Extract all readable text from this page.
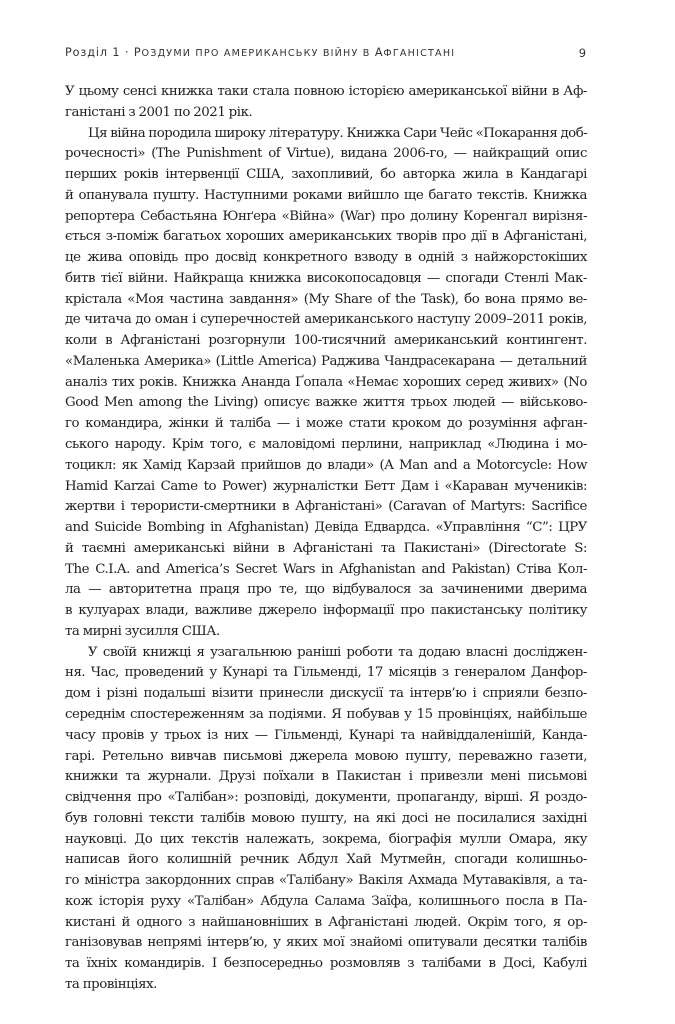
Розділ 1 · РОЗДУМИ ПРО АМЕРИКАНСЬКУ ВІЙНУ В АФГАНІСТАНІ	9
У цьому сенсі книжка таки стала повною історією американської війни в Аф-
ганістані з 2001 по 2021 рік.
Ця війна породила широку літературу. Книжка Сари Чейс «Покарання доб-
рочесності» (The Punishment of Virtue), видана 2006-го, — найкращий опис
перших років інтервенції США, захопливий, бо авторка жила в Кандагарі
й опанувала пушту. Наступними роками вийшло ще багато текстів. Книжка
репортера Себастьяна Юнґера «Війна» (War) про долину Коренгал вирізня-
ється з-поміж багатьох хороших американських творів про дії в Афганістані,
це жива оповідь про досвід конкретного взводу в одній з найжорстокіших
битв тієї війни. Найкраща книжка високопосадовця — спогади Стенлі Мак-
крістала «Моя частина завдання» (My Share of the Task), бо вона прямо ве-
де читача до оман і суперечностей американського наступу 2009–2011 років,
коли в Афганістані розгорнули 100-тисячний американський контингент.
«Маленька Америка» (Little America) Раджива Чандрасекарана — детальний
аналіз тих років. Книжка Ананда Ґопала «Немає хороших серед живих» (No
Good Men among the Living) описує важке життя трьох людей — військово-
го командира, жінки й таліба — і може стати кроком до розуміння афган-
ського народу. Крім того, є маловідомі перлини, наприклад «Людина і мо-
тоцикл: як Хамід Карзай прийшов до влади» (A Man and a Motorcycle: How
Hamid Karzai Came to Power) журналістки Бетт Дам і «Караван мучеників:
жертви і терористи-смертники в Афганістані» (Caravan of Martyrs: Sacrifice
and Suicide Bombing in Afghanistan) Девіда Едвардса. «Управління “С”: ЦРУ
й таємні американські війни в Афганістані та Пакистані» (Directorate S:
The C.I.A. and America’s Secret Wars in Afghanistan and Pakistan) Стіва Кол-
ла — авторитетна праця про те, що відбувалося за зачиненими дверима
в кулуарах влади, важливе джерело інформації про пакистанську політику
та мирні зусилля США.
У своїй книжці я узагальнюю раніші роботи та додаю власні досліджен-
ня. Час, проведений у Кунарі та Гільменді, 17 місяців з генералом Данфор-
дом і різні подальші візити принесли дискусії та інтерв’ю і сприяли безпо-
середнім спостереженням за подіями. Я побував у 15 провінціях, найбільше
часу провів у трьох із них — Гільменді, Кунарі та найвіддаленішій, Канда-
гарі. Ретельно вивчав письмові джерела мовою пушту, переважно газети,
книжки та журнали. Друзі поїхали в Пакистан і привезли мені письмові
свідчення про «Талібан»: розповіді, документи, пропаганду, вірші. Я роздо-
був головні тексти талібів мовою пушту, на які досі не посилалися західні
науковці. До цих текстів належать, зокрема, біографія мулли Омара, яку
написав його колишній речник Абдул Хай Мутмейн, спогади колишньо-
го міністра закордонних справ «Талібану» Вакіля Ахмада Мутаваківля, а та-
кож історія руху «Талібан» Абдула Салама Заїфа, колишнього посла в Па-
кистані й одного з найшановніших в Афганістані людей. Окрім того, я ор-
ганізовував непрямі інтерв’ю, у яких мої знайомі опитували десятки талібів
та їхніх командирів. І безпосередньо розмовляв з талібами в Досі, Кабулі
та провінціях.
